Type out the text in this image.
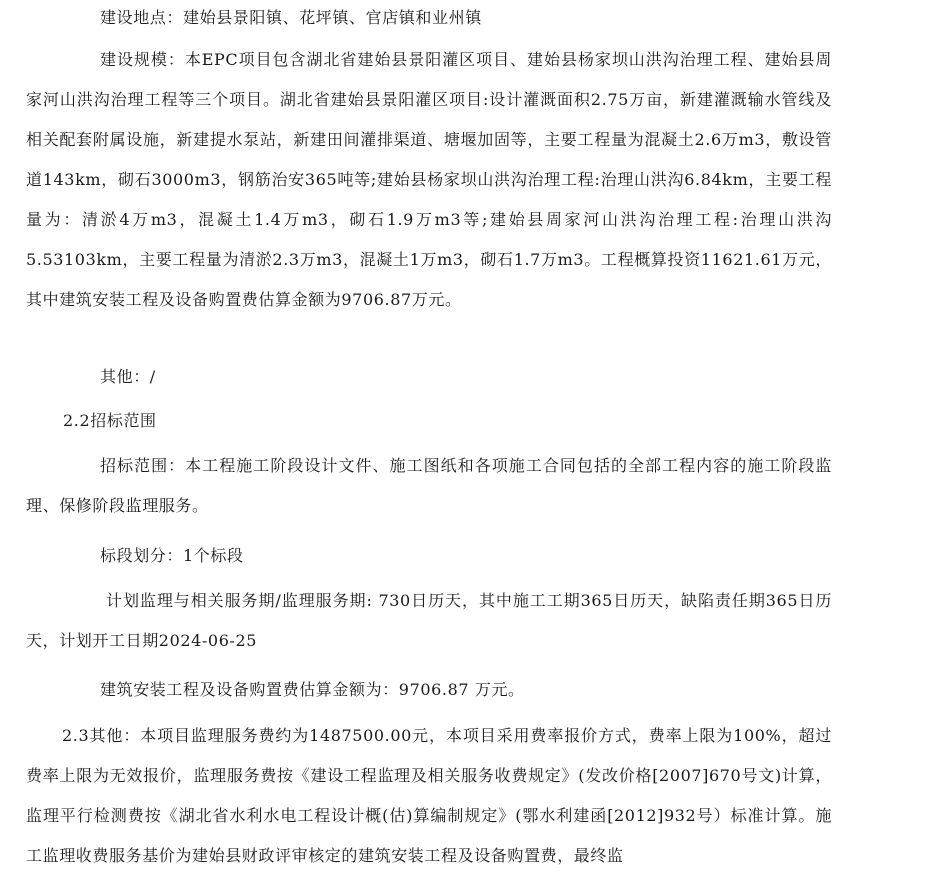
建设地点：建始县景阳镇、花坪镇、官店镇和业州镇

建设规模：本EPC项目包含湖北省建始县景阳灌区项目、建始县杨家坝山洪沟治理工程、建始县周家河山洪沟治理工程等三个项目。湖北省建始县景阳灌区项目:设计灌溉面积2.75万亩，新建灌溉输水管线及相关配套附属设施，新建提水泵站，新建田间灌排渠道、塘堰加固等，主要工程量为混凝土2.6万m3，敷设管道143km，砌石3000m3，钢筋治安365吨等;建始县杨家坝山洪沟治理工程:治理山洪沟6.84km，主要工程量为：清淤4万m3，混凝土1.4万m3，砌石1.9万m3等;建始县周家河山洪沟治理工程:治理山洪沟5.53103km，主要工程量为清淤2.3万m3，混凝土1万m3，砌石1.7万m3。工程概算投资11621.61万元，其中建筑安装工程及设备购置费估算金额为9706.87万元。

其他：/

2.2招标范围

招标范围：本工程施工阶段设计文件、施工图纸和各项施工合同包括的全部工程内容的施工阶段监理、保修阶段监理服务。

标段划分：1个标段

计划监理与相关服务期/监理服务期: 730日历天，其中施工工期365日历天，缺陷责任期365日历天，计划开工日期2024-06-25

建筑安装工程及设备购置费估算金额为：9706.87 万元。

2.3其他：本项目监理服务费约为1487500.00元，本项目采用费率报价方式，费率上限为100%，超过费率上限为无效报价，监理服务费按《建设工程监理及相关服务收费规定》(发改价格[2007]670号文)计算，监理平行检测费按《湖北省水利水电工程设计概(估)算编制规定》(鄂水利建函[2012]932号）标准计算。施工监理收费服务基价为建始县财政评审核定的建筑安装工程及设备购置费，最终监
